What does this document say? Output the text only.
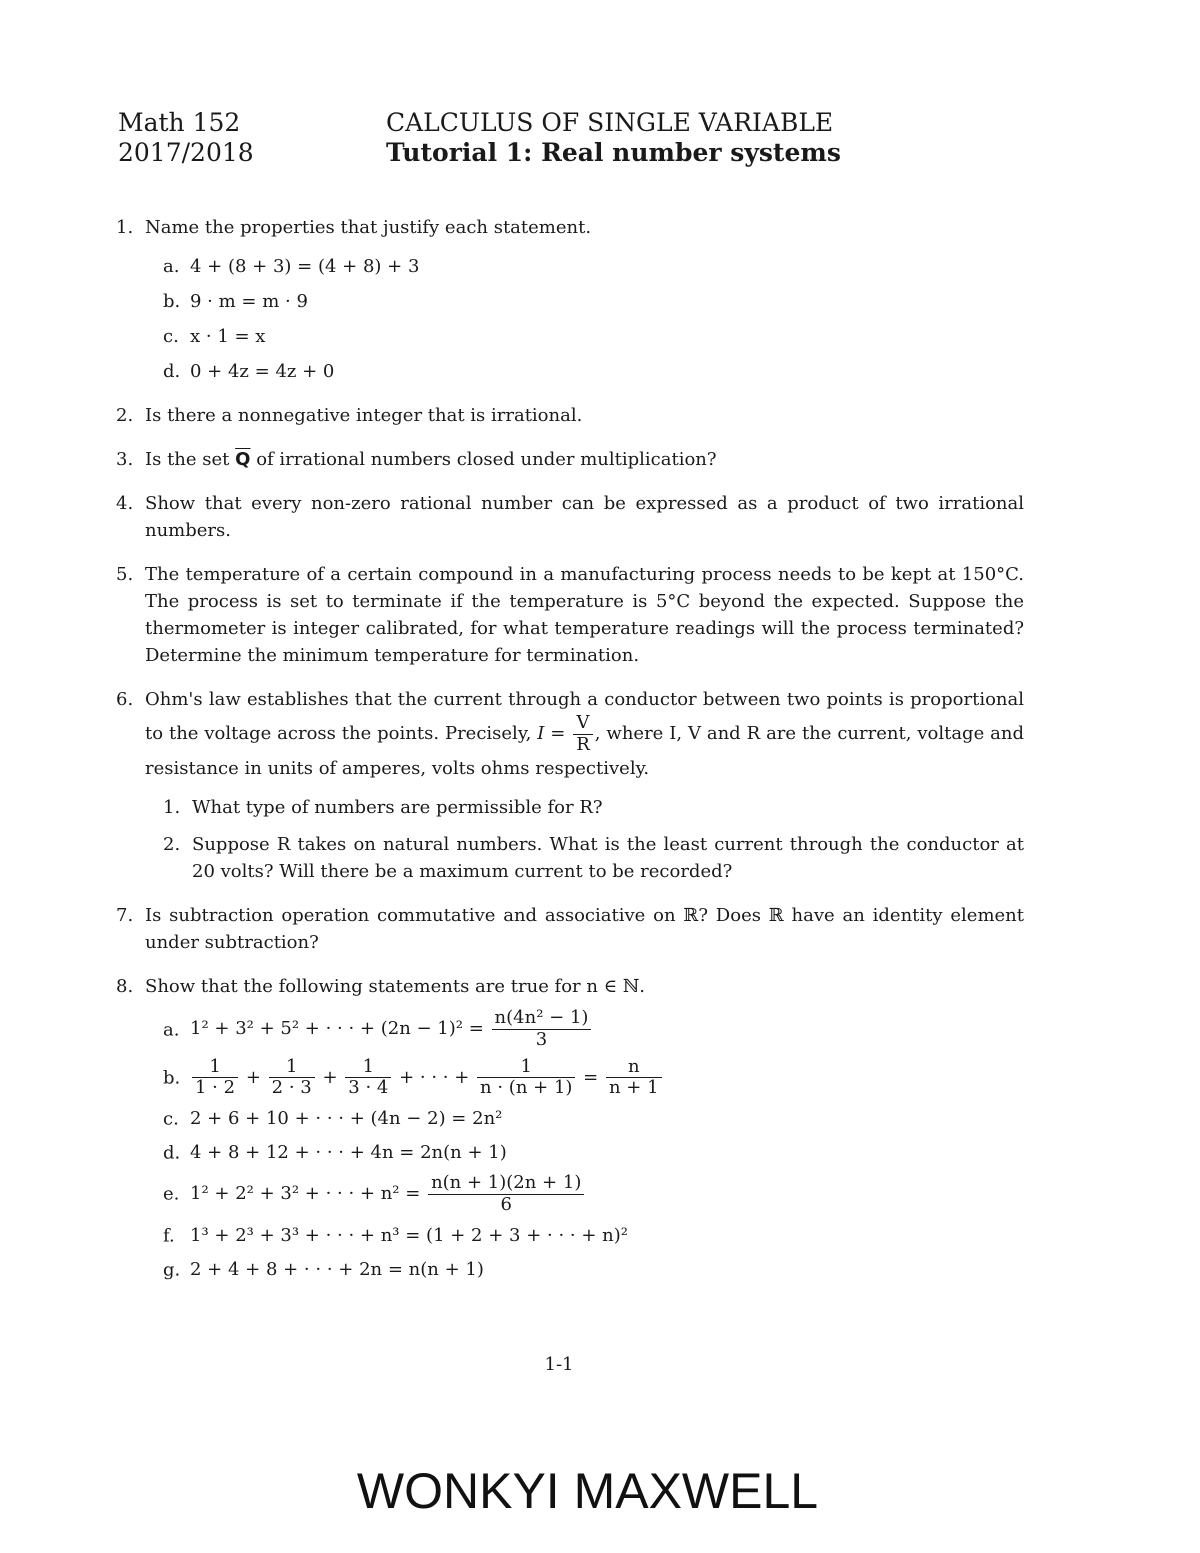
Math 152	CALCULUS OF SINGLE VARIABLE
2017/2018	Tutorial 1: Real number systems
1. Name the properties that justify each statement.
a. 4 + (8 + 3) = (4 + 8) + 3
b. 9 · m = m · 9
c. x · 1 = x
d. 0 + 4z = 4z + 0
2. Is there a nonnegative integer that is irrational.
3. Is the set $\overline{Q}$ of irrational numbers closed under multiplication?
4. Show that every non-zero rational number can be expressed as a product of two irrational numbers.
5. The temperature of a certain compound in a manufacturing process needs to be kept at 150°C. The process is set to terminate if the temperature is 5°C beyond the expected. Suppose the thermometer is integer calibrated, for what temperature readings will the process terminated? Determine the minimum temperature for termination.
6. Ohm's law establishes that the current through a conductor between two points is proportional to the voltage across the points. Precisely, $I = \frac{V}{R}$ , where I, V and R are the current, voltage and resistance in units of amperes, volts ohms respectively.
1. What type of numbers are permissible for R?
2. Suppose R takes on natural numbers. What is the least current through the conductor at 20 volts? Will there be a maximum current to be recorded?
7. Is subtraction operation commutative and associative on ℝ? Does ℝ have an identity element under subtraction?
8. Show that the following statements are true for n ∈ ℕ.
a. 1² + 3² + 5² + · · · + $(2n - 1)^2 = \frac{\text{n(4n² − 1)}}{3}$
b. $\frac{1}{1 \cdot 2} + \frac{1}{2 \cdot 3} + \frac{1}{3 \cdot 4}$ + · · · + $\frac{1}{n \cdot (n + 1)} = \frac{n}{n + 1}$
c. 2 + 6 + 10 + · · · + (4n − 2) = 2n²
d. 4 + 8 + 12 + · · · + 4n = 2n(n + 1)
e. 1² + 2² + 3² + · · · + $n^2 = \frac{n(n + 1)(2n + 1)}{6}$
f. 1³ + 2³ + 3³ + · · · + n³ = (1 + 2 + 3 + · · · + n)²
g. 2 + 4 + 8 + · · · + 2n = n(n + 1)
1-1
WONKYI MAXWELL
